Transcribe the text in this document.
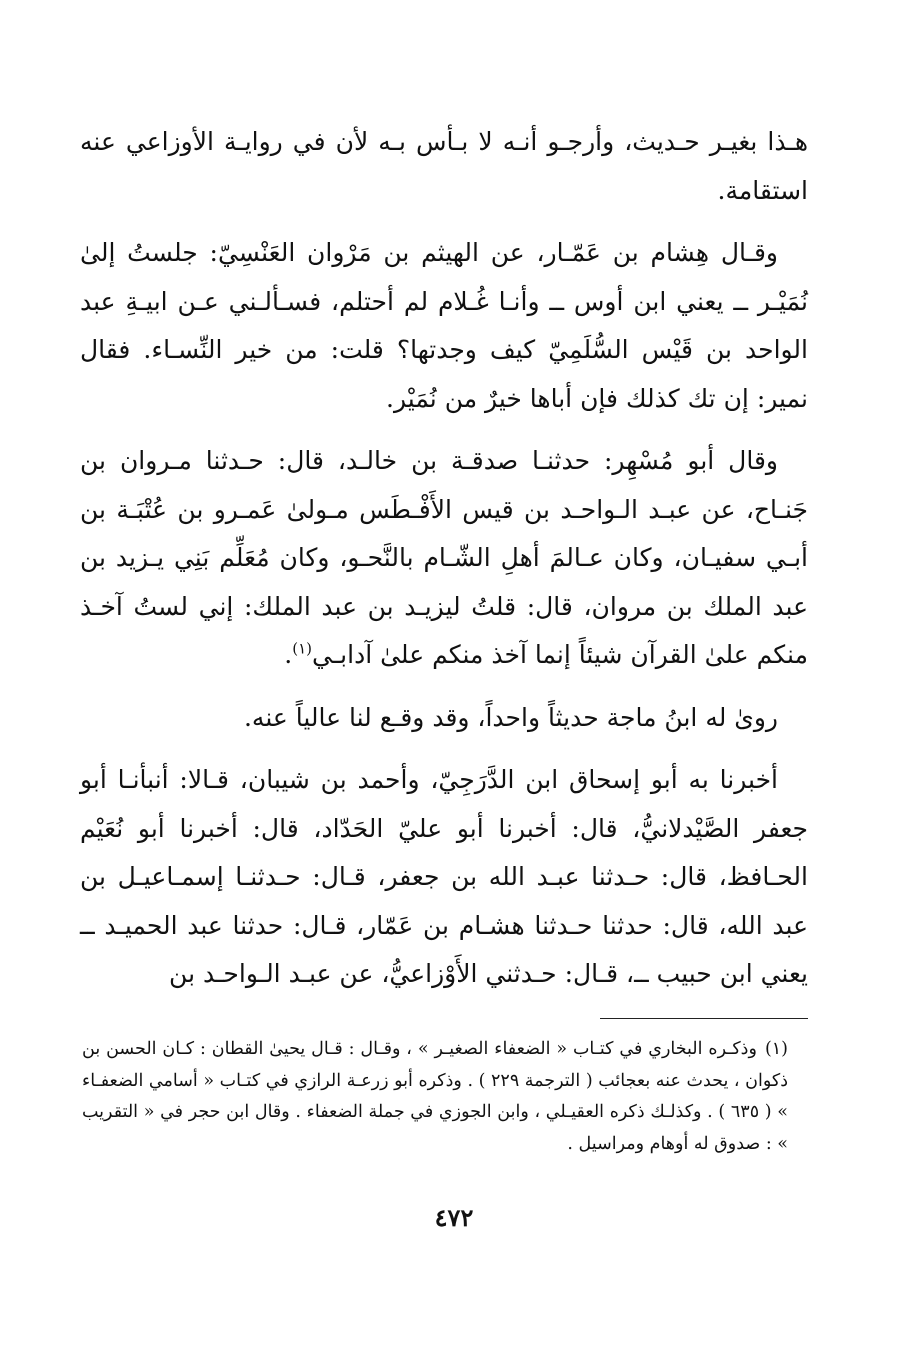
هـذا بغيـر حـديث، وأرجـو أنـه لا بـأس بـه لأن في روايـة الأوزاعي عنه استقامة.

وقـال هِشام بن عَمّـار، عن الهيثم بن مَرْوان العَنْسِيّ: جلستُ إلىٰ نُمَيْـر ــ يعني ابن أوس ــ وأنـا غُـلام لم أحتلم، فسـألـني عـن ابيـةِ عبد الواحد بن قَيْس السُّلَمِيّ كيف وجدتها؟ قلت: من خير النِّسـاء. فقال نمير: إن تك كذلك فإن أباها خيرٌ من نُمَيْر.

وقال أبو مُسْهِر: حدثنـا صدقـة بن خالـد، قال: حـدثنا مـروان بن جَنـاح، عن عبـد الـواحـد بن قيس الأَفْـطَس مـولىٰ عَمـرو بن عُتْبَـة بن أبـي سفيـان، وكان عـالمَ أهلِ الشّـام بالنَّحـو، وكان مُعَلِّم بَنِي يـزيد بن عبد الملك بن مروان، قال: قلتُ ليزيـد بن عبد الملك: إني لستُ آخـذ منكم علىٰ القرآن شيئاً إنما آخذ منكم علىٰ آدابـي$^{(١)}$.

رویٰ له ابنُ ماجة حديثاً واحداً، وقد وقـع لنا عالياً عنه.

أخبرنا به أبو إسحاق ابن الدَّرَجِيّ، وأحمد بن شيبان، قـالا: أنبأنـا أبو جعفر الصَّيْدلانيُّ، قال: أخبرنا أبو عليّ الحَدّاد، قال: أخبرنا أبو نُعَيْم الحـافظ، قال: حـدثنا عبـد الله بن جعفر، قـال: حـدثنـا إسمـاعيـل بن عبد الله، قال: حدثنا حـدثنا هشـام بن عَمّار، قـال: حدثنا عبد الحميـد ــ يعني ابن حبيب ــ، قـال: حـدثني الأَوْزاعيُّ، عن عبـد الـواحـد بن

(١)وذكـره البخاري في كتـاب « الضعفاء الصغيـر » ، وقـال : قـال يحيىٰ القطان : كـان الحسن بن ذكوان ، يحدث عنه بعجائب ( الترجمة ٢٢٩ ) . وذكره أبو زرعـة الرازي في كتـاب « أسامي الضعفـاء » ( ٦٣٥ ) . وكذلـك ذكره العقيـلي ، وابن الجوزي في جملة الضعفاء . وقال ابن حجر في « التقريب » : صدوق له أوهام ومراسيل .
٤٧٢
